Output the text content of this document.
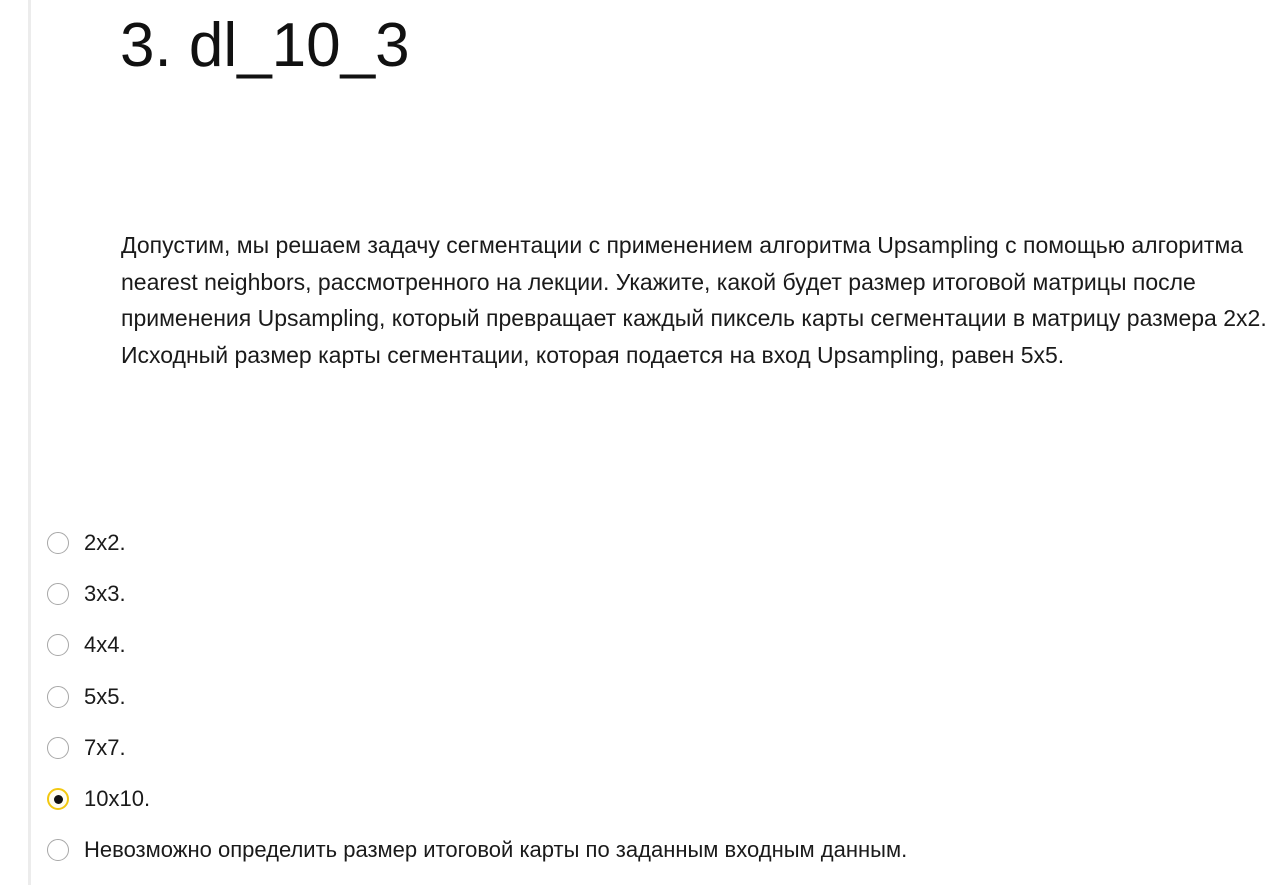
3. dl_10_3
Допустим, мы решаем задачу сегментации с применением алгоритма Upsampling с помощью алгоритма nearest neighbors, рассмотренного на лекции. Укажите, какой будет размер итоговой матрицы после применения Upsampling, который превращает каждый пиксель карты сегментации в матрицу размера 2x2. Исходный размер карты сегментации, которая подается на вход Upsampling, равен 5x5.
2x2.
3x3.
4x4.
5x5.
7x7.
10x10.
Невозможно определить размер итоговой карты по заданным входным данным.
